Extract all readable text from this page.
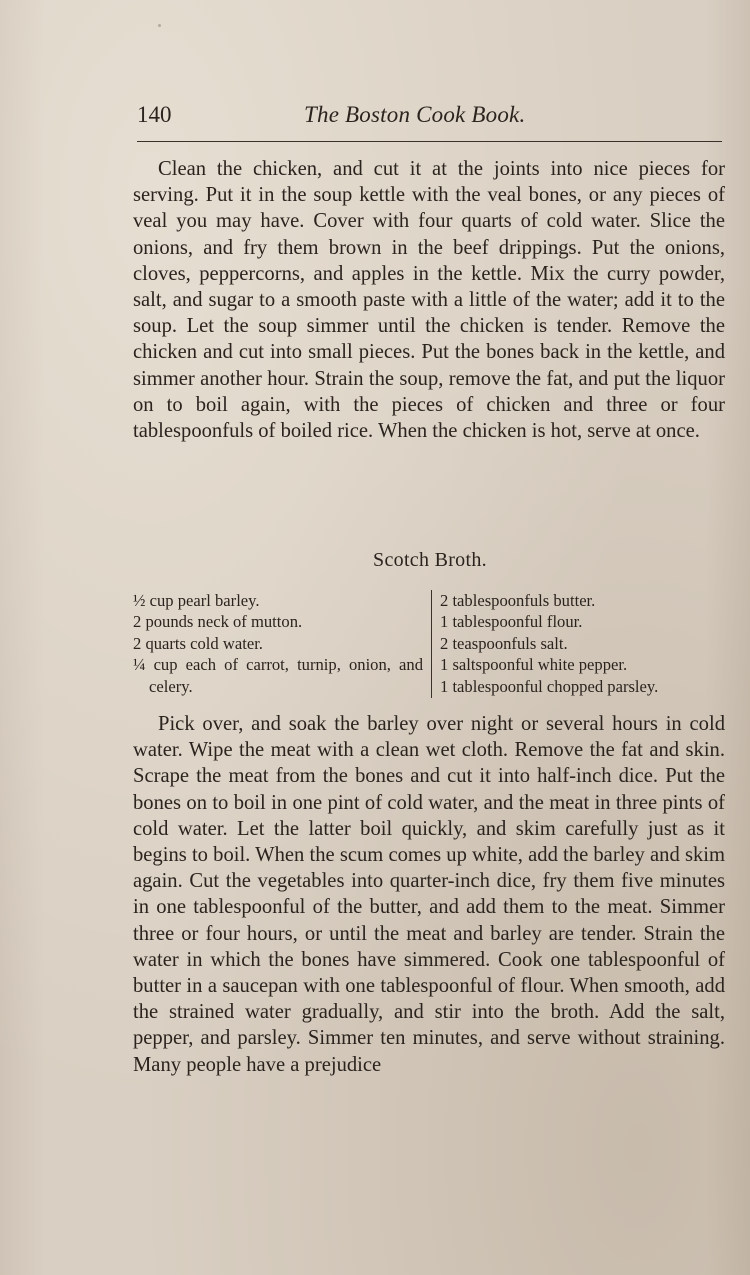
140	The Boston Cook Book.

Clean the chicken, and cut it at the joints into nice pieces for serving. Put it in the soup kettle with the veal bones, or any pieces of veal you may have. Cover with four quarts of cold water. Slice the onions, and fry them brown in the beef drippings. Put the onions, cloves, peppercorns, and apples in the kettle. Mix the curry powder, salt, and sugar to a smooth paste with a little of the water; add it to the soup. Let the soup simmer until the chicken is tender. Remove the chicken and cut into small pieces. Put the bones back in the kettle, and simmer another hour. Strain the soup, remove the fat, and put the liquor on to boil again, with the pieces of chicken and three or four tablespoonfuls of boiled rice. When the chicken is hot, serve at once.

Scotch Broth.
½ cup pearl barley.
2 pounds neck of mutton.
2 quarts cold water.
¼ cup each of carrot, turnip, onion, and celery.
2 tablespoonfuls butter.
1 tablespoonful flour.
2 teaspoonfuls salt.
1 saltspoonful white pepper.
1 tablespoonful chopped parsley.

Pick over, and soak the barley over night or several hours in cold water. Wipe the meat with a clean wet cloth. Remove the fat and skin. Scrape the meat from the bones and cut it into half-inch dice. Put the bones on to boil in one pint of cold water, and the meat in three pints of cold water. Let the latter boil quickly, and skim carefully just as it begins to boil. When the scum comes up white, add the barley and skim again. Cut the vegetables into quarter-inch dice, fry them five minutes in one tablespoonful of the butter, and add them to the meat. Simmer three or four hours, or until the meat and barley are tender. Strain the water in which the bones have simmered. Cook one tablespoonful of butter in a saucepan with one tablespoonful of flour. When smooth, add the strained water gradually, and stir into the broth. Add the salt, pepper, and parsley. Simmer ten minutes, and serve without straining. Many people have a prejudice
